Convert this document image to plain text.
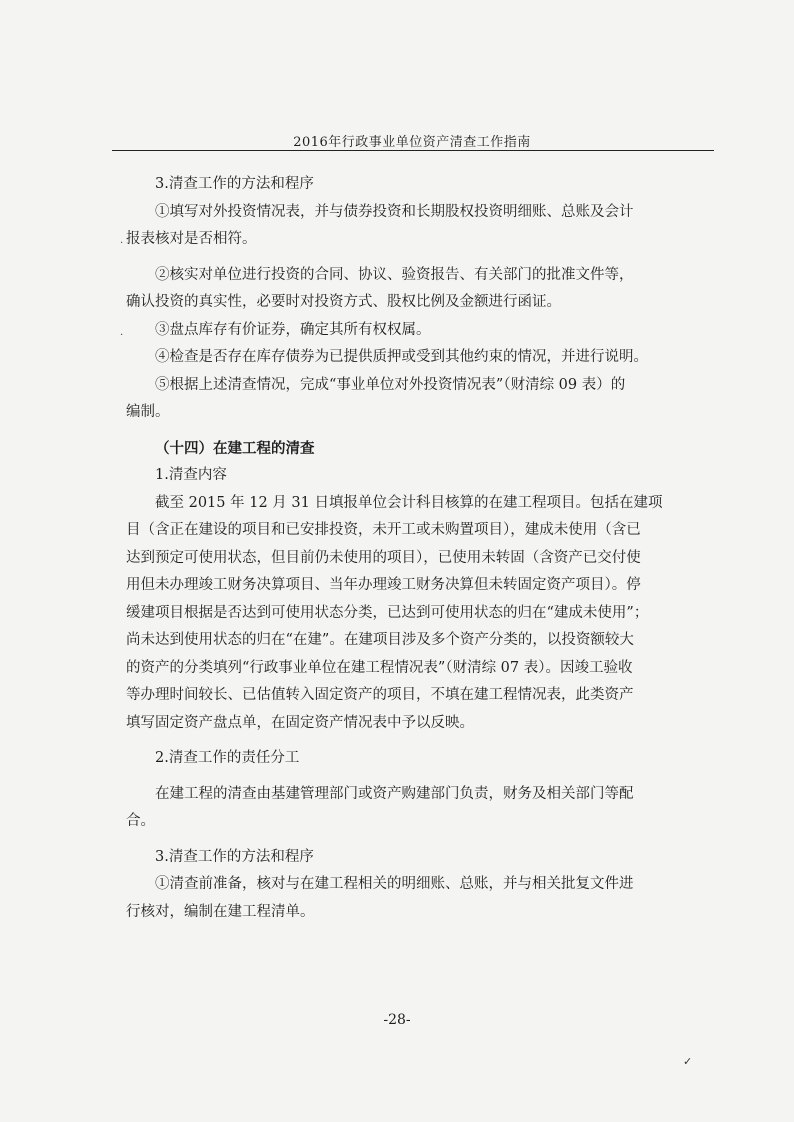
2016年行政事业单位资产清查工作指南
3.清查工作的方法和程序
①填写对外投资情况表，并与债券投资和长期股权投资明细账、总账及会计
报表核对是否相符。
②核实对单位进行投资的合同、协议、验资报告、有关部门的批准文件等，
确认投资的真实性，必要时对投资方式、股权比例及金额进行函证。
③盘点库存有价证券，确定其所有权权属。
④检查是否存在库存债券为已提供质押或受到其他约束的情况，并进行说明。
⑤根据上述清查情况，完成“事业单位对外投资情况表”（财清综 09 表）的
编制。
（十四）在建工程的清查
1.清查内容
截至 2015 年 12 月 31 日填报单位会计科目核算的在建工程项目。包括在建项
目（含正在建设的项目和已安排投资，未开工或未购置项目），建成未使用（含已
达到预定可使用状态，但目前仍未使用的项目），已使用未转固（含资产已交付使
用但未办理竣工财务决算项目、当年办理竣工财务决算但未转固定资产项目）。停
缓建项目根据是否达到可使用状态分类，已达到可使用状态的归在“建成未使用”；
尚未达到使用状态的归在“在建”。在建项目涉及多个资产分类的，以投资额较大
的资产的分类填列“行政事业单位在建工程情况表”（财清综 07 表）。因竣工验收
等办理时间较长、已估值转入固定资产的项目，不填在建工程情况表，此类资产
填写固定资产盘点单，在固定资产情况表中予以反映。
2.清查工作的责任分工
在建工程的清查由基建管理部门或资产购建部门负责，财务及相关部门等配
合。
3.清查工作的方法和程序
①清查前准备，核对与在建工程相关的明细账、总账，并与相关批复文件进
行核对，编制在建工程清单。
-28-
✓
·
·
